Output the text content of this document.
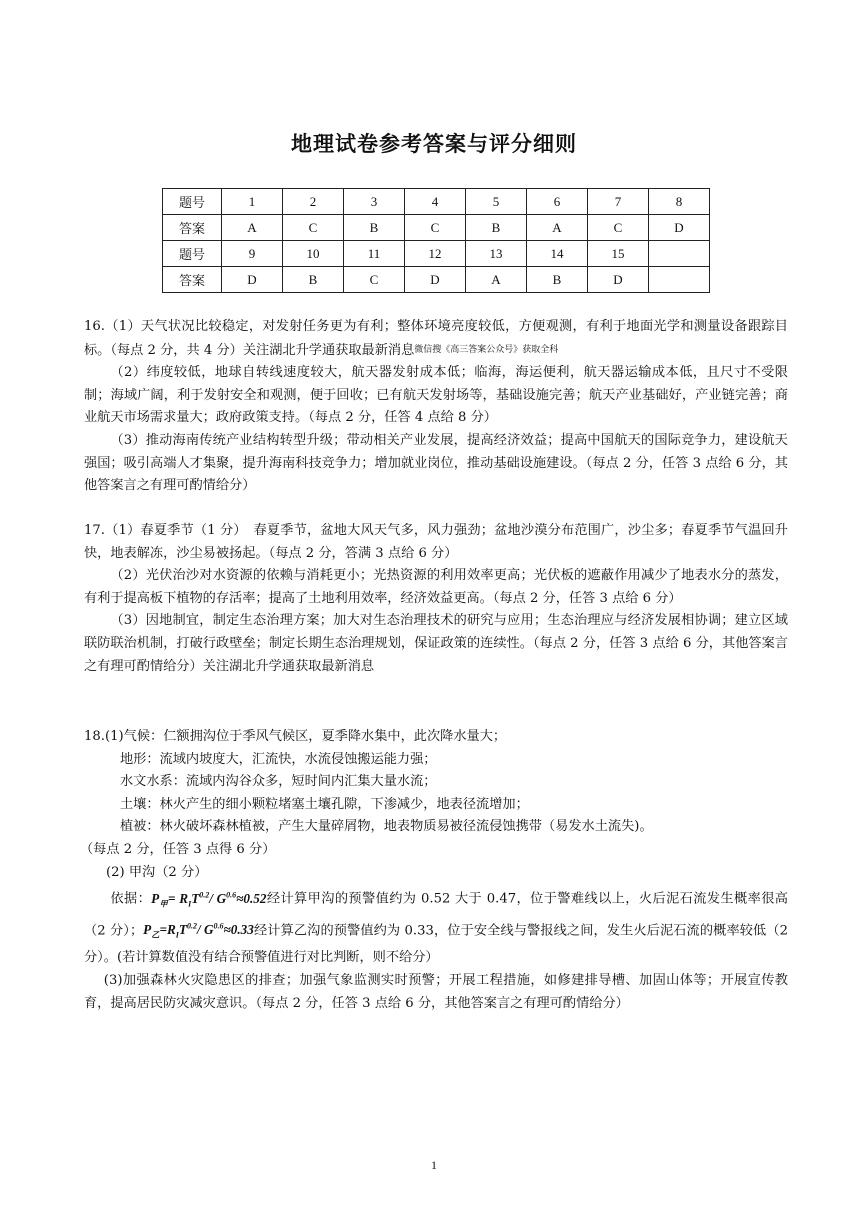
地理试卷参考答案与评分细则
题号	1	2	3	4	5	6	7	8
答案	A	C	B	C	B	A	C	D
题号	9	10	11	12	13	14	15	
答案	D	B	C	D	A	B	D	

16.（1）天气状况比较稳定，对发射任务更为有利；整体环境亮度较低，方便观测，有利于地面光学和测量设备跟踪目标。（每点 2 分，共 4 分）关注湖北升学通获取最新消息微信搜《高三答案公众号》获取全科

（2）纬度较低，地球自转线速度较大，航天器发射成本低；临海，海运便利，航天器运输成本低，且尺寸不受限制；海域广阔，利于发射安全和观测，便于回收；已有航天发射场等，基础设施完善；航天产业基础好，产业链完善；商业航天市场需求量大；政府政策支持。（每点 2 分，任答 4 点给 8 分）

（3）推动海南传统产业结构转型升级；带动相关产业发展，提高经济效益；提高中国航天的国际竞争力，建设航天强国；吸引高端人才集聚，提升海南科技竞争力；增加就业岗位，推动基础设施建设。（每点 2 分，任答 3 点给 6 分，其他答案言之有理可酌情给分）

17.（1）春夏季节（1 分）　春夏季节，盆地大风天气多，风力强劲；盆地沙漠分布范围广，沙尘多；春夏季节气温回升快，地表解冻，沙尘易被扬起。（每点 2 分，答满 3 点给 6 分）

（2）光伏治沙对水资源的依赖与消耗更小；光热资源的利用效率更高；光伏板的遮蔽作用减少了地表水分的蒸发，有利于提高板下植物的存活率；提高了土地利用效率，经济效益更高。（每点 2 分，任答 3 点给 6 分）

（3）因地制宜，制定生态治理方案；加大对生态治理技术的研究与应用；生态治理应与经济发展相协调；建立区域联防联治机制，打破行政壁垒；制定长期生态治理规划，保证政策的连续性。（每点 2 分，任答 3 点给 6 分，其他答案言之有理可酌情给分）关注湖北升学通获取最新消息

18.(1)气候：仁额拥沟位于季风气候区，夏季降水集中，此次降水量大；

地形：流域内坡度大，汇流快，水流侵蚀搬运能力强；

水文水系：流域内沟谷众多，短时间内汇集大量水流；

土壤：林火产生的细小颗粒堵塞土壤孔隙，下渗减少，地表径流增加；

植被：林火破坏森林植被，产生大量碎屑物，地表物质易被径流侵蚀携带（易发水土流失)。

（每点 2 分，任答 3 点得 6 分）

(2) 甲沟（2 分）

依据：$P_甲= R_IT^{0.2}/$ $G^{0.6}\approx 0.52$经计算甲沟的预警值约为 0.52 大于 0.47，位于警难线以上，火后泥石流发生概率很高（2 分）；$P_乙=R_IT^{0.2}/$ $G^{0.6}\approx 0.33$经计算乙沟的预警值约为 0.33，位于安全线与警报线之间，发生火后泥石流的概率较低（2 分）。(若计算数值没有结合预警值进行对比判断，则不给分）

(3)加强森林火灾隐患区的排查；加强气象监测实时预警；开展工程措施，如修建排导槽、加固山体等；开展宣传教育，提高居民防灾减灾意识。（每点 2 分，任答 3 点给 6 分，其他答案言之有理可酌情给分）

1
